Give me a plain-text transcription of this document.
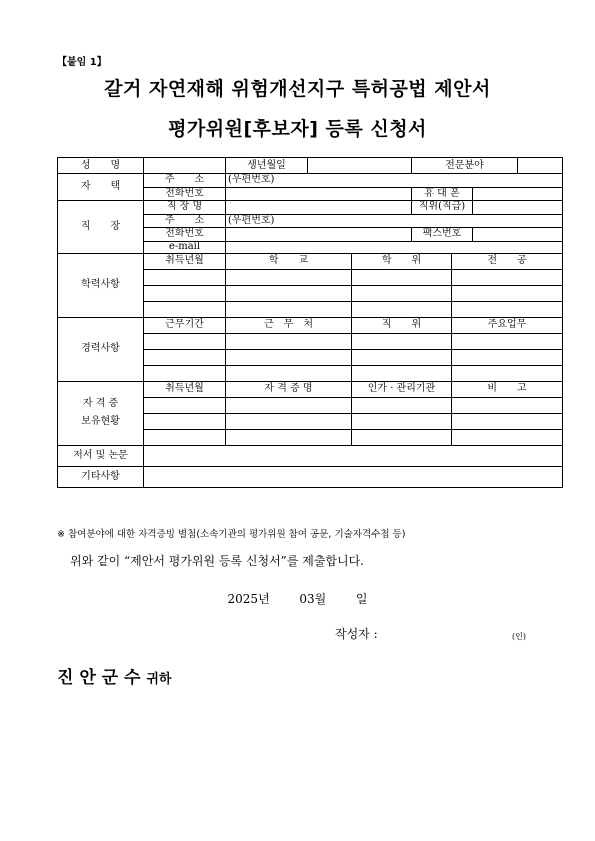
【붙임 1】
갈거 자연재해 위험개선지구 특허공법 제안서
평가위원[후보자] 등록 신청서
성　　명		생년월일			전문분야			
자　　택	주　　소	(우편번호)						
	전화번호				휴 대 폰			
직　　장	직 장 명				직위(직급)			
	주　　소	(우편번호)						
	전화번호				팩스번호			
	e-mail							
학력사항	취득년월	학　　교		학　　위		전　　공		

경력사항	근무기간	근　무　처		직　　위		주요업무		

자 격 증
보유현황	취득년월	자 격 증 명		인가 · 관리기관		비　　고		

저서 및 논문								
기타사항								
※ 참여분야에 대한 자격증빙 별첨(소속기관의 평가위원 참여 공문, 기술자격수첩 등)
위와 같이 “제안서 평가위원 등록 신청서”를 제출합니다.
2025년 03월 일
작성자 :	(인)
진 안 군 수 귀하
